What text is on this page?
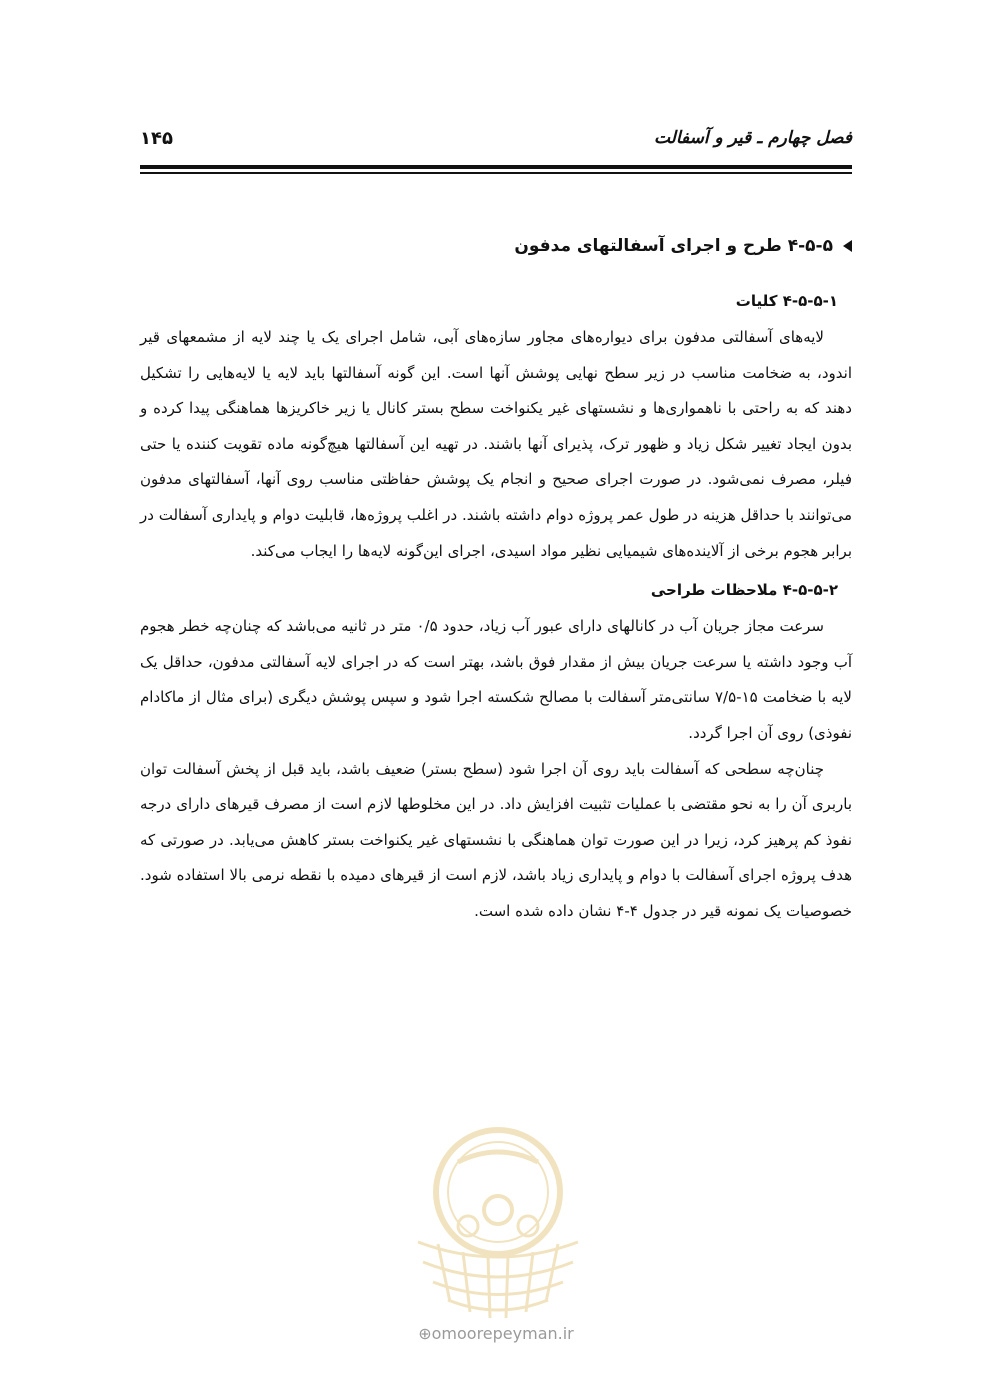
فصل چهارم ـ قیر و آسفالت
۱۴۵
۴-۵-۵ طرح و اجرای آسفالتهای مدفون
۴-۵-۵-۱ کلیات

لایه‌های آسفالتی مدفون برای دیواره‌های مجاور سازه‌های آبی، شامل اجرای یک یا چند لایه از مشمعهای قیر اندود، به ضخامت مناسب در زیر سطح نهایی پوشش آنها است. این گونه آسفالتها باید لایه یا لایه‌هایی را تشکیل دهند که به راحتی با ناهمواری‌ها و نشستهای غیر یکنواخت سطح بستر کانال یا زیر خاکریزها هماهنگی پیدا کرده و بدون ایجاد تغییر شکل زیاد و ظهور ترک، پذیرای آنها باشند. در تهیه این آسفالتها هیچ‌گونه ماده تقویت کننده یا حتی فیلر، مصرف نمی‌شود. در صورت اجرای صحیح و انجام یک پوشش حفاظتی مناسب روی آنها، آسفالتهای مدفون می‌توانند با حداقل هزینه در طول عمر پروژه دوام داشته باشند. در اغلب پروژه‌ها، قابلیت دوام و پایداری آسفالت در برابر هجوم برخی از آلاینده‌های شیمیایی نظیر مواد اسیدی، اجرای این‌گونه لایه‌ها را ایجاب می‌کند.

۴-۵-۵-۲ ملاحظات طراحی

سرعت مجاز جریان آب در کانالهای دارای عبور آب زیاد، حدود ۰/۵ متر در ثانیه می‌باشد که چنان‌چه خطر هجوم آب وجود داشته یا سرعت جریان بیش از مقدار فوق باشد، بهتر است که در اجرای لایه آسفالتی مدفون، حداقل یک لایه با ضخامت ۱۵-۷/۵ سانتی‌متر آسفالت با مصالح شکسته اجرا شود و سپس پوشش دیگری (برای مثال از ماکادام نفوذی) روی آن اجرا گردد.

چنان‌چه سطحی که آسفالت باید روی آن اجرا شود (سطح بستر) ضعیف باشد، باید قبل از پخش آسفالت توان باربری آن را به نحو مقتضی با عملیات تثبیت افزایش داد. در این مخلوطها لازم است از مصرف قیرهای دارای درجه نفوذ کم پرهیز کرد، زیرا در این صورت توان هماهنگی با نشستهای غیر یکنواخت بستر کاهش می‌یابد. در صورتی که هدف پروژه اجرای آسفالت با دوام و پایداری زیاد باشد، لازم است از قیرهای دمیده با نقطه نرمی بالا استفاده شود. خصوصیات یک نمونه قیر در جدول ۴-۴ نشان داده شده است.

⊕omoorepeyman.ir
